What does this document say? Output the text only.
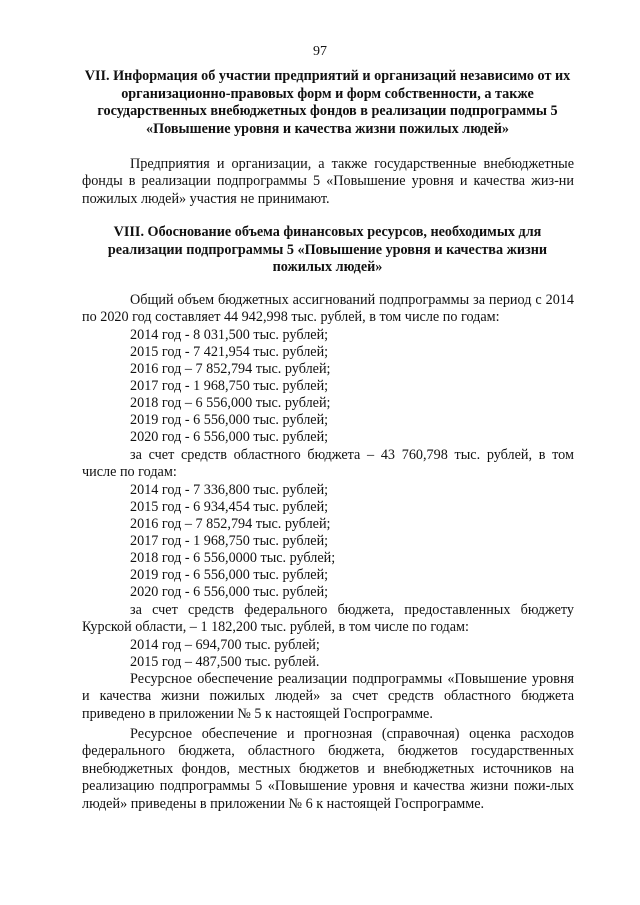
97

VII. Информация об участии предприятий и организаций независимо от их организационно-правовых форм и форм собственности, а также государственных внебюджетных фондов в реализации подпрограммы 5 «Повышение уровня и качества жизни пожилых людей»

Предприятия и организации, а также государственные внебюджетные фонды в реализации подпрограммы 5 «Повышение уровня и качества жиз-ни пожилых людей» участия не принимают.

VIII. Обоснование объема финансовых ресурсов, необходимых для реализации подпрограммы 5 «Повышение уровня и качества жизни пожилых людей»

Общий объем бюджетных ассигнований подпрограммы за период с 2014 по 2020 год составляет 44 942,998 тыс. рублей, в том числе по годам:

2014 год - 8 031,500 тыс. рублей;

2015 год - 7 421,954 тыс. рублей;

2016 год – 7 852,794 тыс. рублей;

2017 год - 1 968,750 тыс. рублей;

2018 год – 6 556,000 тыс. рублей;

2019 год - 6 556,000 тыс. рублей;

2020 год - 6 556,000 тыс. рублей;

за счет средств областного бюджета – 43 760,798 тыс. рублей, в том числе по годам:

2014 год - 7 336,800 тыс. рублей;

2015 год - 6 934,454 тыс. рублей;

2016 год – 7 852,794 тыс. рублей;

2017 год - 1 968,750 тыс. рублей;

2018 год - 6 556,0000 тыс. рублей;

2019 год - 6 556,000 тыс. рублей;

2020 год - 6 556,000 тыс. рублей;

за счет средств федерального бюджета, предоставленных бюджету Курской области, – 1 182,200 тыс. рублей, в том числе по годам:

2014 год – 694,700 тыс. рублей;

2015 год – 487,500 тыс. рублей.

Ресурсное обеспечение реализации подпрограммы «Повышение уровня и качества жизни пожилых людей» за счет средств областного бюджета приведено в приложении № 5 к настоящей Госпрограмме.

Ресурсное обеспечение и прогнозная (справочная) оценка расходов федерального бюджета, областного бюджета, бюджетов государственных внебюджетных фондов, местных бюджетов и внебюджетных источников на реализацию подпрограммы 5 «Повышение уровня и качества жизни пожи-лых людей» приведены в приложении № 6 к настоящей Госпрограмме.
